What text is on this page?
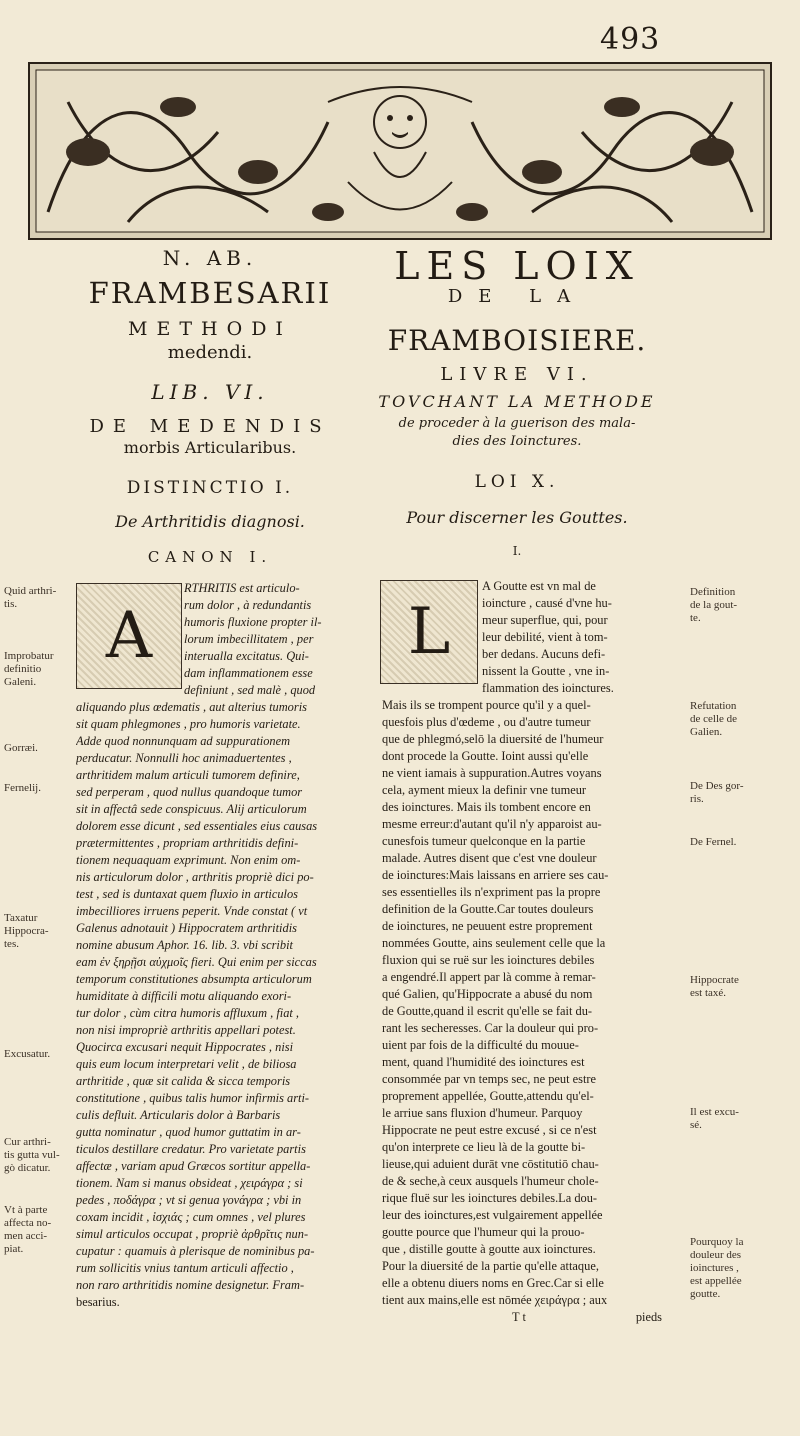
493
N. AB.
FRAMBESARII
METHODI
medendi.
LIB. VI.
DE MEDENDIS
morbis Articularibus.
DISTINCTIO I.
De Arthritidis diagnosi.
CANON I.
LES LOIX
DE LA
FRAMBOISIERE.
LIVRE VI.
TOVCHANT LA METHODE
de proceder à la guerison des mala-
dies des Ioinctures.
LOI X.
Pour discerner les Gouttes.
I.
A	L
RTHRITIS est articulo-
rum dolor , à redundantis
humoris fluxione propter il-
lorum imbecillitatem , per
interualla excitatus. Qui-
dam inflammationem esse
definiunt , sed malè , quod
aliquando plus œdematis , aut alterius tumoris
sit quam phlegmones , pro humoris varietate.
Adde quod nonnunquam ad suppurationem
perducatur. Nonnulli hoc animaduertentes ,
arthritidem malum articuli tumorem definire,
sed perperam , quod nullus quandoque tumor
sit in affectâ sede conspicuus. Alij articulorum
dolorem esse dicunt , sed essentiales eius causas
prætermittentes , propriam arthritidis defini-
tionem nequaquam exprimunt. Non enim om-
nis articulorum dolor , arthritis propriè dici po-
test , sed is duntaxat quem fluxio in articulos
imbecilliores irruens peperit. Vnde constat ( vt
Galenus adnotauit ) Hippocratem arthritidis
nomine abusum Aphor. 16. lib. 3. vbi scribit
eam ἐν ξηρῇσι αὐχμοῖς fieri. Qui enim per siccas
temporum constitutiones absumpta articulorum
humiditate à difficili motu aliquando exori-
tur dolor , cùm citra humoris affluxum , fiat ,
non nisi impropriè arthritis appellari potest.
Quocirca excusari nequit Hippocrates , nisi
quis eum locum interpretari velit , de biliosa
arthritide , quæ sit calida & sicca temporis
constitutione , quibus talis humor infirmis arti-
culis defluit. Articularis dolor à Barbaris
gutta nominatur , quod humor guttatim in ar-
ticulos destillare credatur. Pro varietate partis
affectæ , variam apud Græcos sortitur appella-
tionem. Nam si manus obsideat , χειράγρα ; si
pedes , ποδάγρα ; vt si genua γονάγρα ; vbi in
coxam incidit , ἰσχιάς ; cum omnes , vel plures
simul articulos occupat , propriè ἀρθρῖτις nun-
cupatur : quamuis à plerisque de nominibus pa-
rum sollicitis vnius tantum articuli affectio ,
non raro arthritidis nomine designetur. Fram-
besarius.
Quid arthri-
tis.
Improbatur
definitio
Galeni.
Gorræi.
Fernelij.
Taxatur
Hippocra-
tes.
Excusatur.
Cur arthri-
tis gutta vul-
gò dicatur.
Vt à parte
affecta no-
men acci-
piat.
A Goutte est vn mal de
ioincture , causé d'vne hu-
meur superflue, qui, pour
leur debilité, vient à tom-
ber dedans. Aucuns defi-
nissent la Goutte , vne in-
flammation des ioinctures.
Mais ils se trompent pource qu'il y a quel-
quesfois plus d'œdeme , ou d'autre tumeur
que de phlegmó,selō la diuersité de l'humeur
dont procede la Goutte. Ioint aussi qu'elle
ne vient iamais à suppuration.Autres voyans
cela, ayment mieux la definir vne tumeur
des ioinctures. Mais ils tombent encore en
mesme erreur:d'autant qu'il n'y apparoist au-
cunesfois tumeur quelconque en la partie
malade. Autres disent que c'est vne douleur
de ioinctures:Mais laissans en arriere ses cau-
ses essentielles ils n'expriment pas la propre
definition de la Goutte.Car toutes douleurs
de ioinctures, ne peuuent estre proprement
nommées Goutte, ains seulement celle que la
fluxion qui se ruë sur les ioinctures debiles
a engendré.Il appert par là comme à remar-
qué Galien, qu'Hippocrate a abusé du nom
de Goutte,quand il escrit qu'elle se fait du-
rant les secheresses. Car la douleur qui pro-
uient par fois de la difficulté du mouue-
ment, quand l'humidité des ioinctures est
consommée par vn temps sec, ne peut estre
proprement appellée, Goutte,attendu qu'el-
le arriue sans fluxion d'humeur. Parquoy
Hippocrate ne peut estre excusé , si ce n'est
qu'on interprete ce lieu là de la goutte bi-
lieuse,qui aduient durāt vne cōstitutiō chau-
de & seche,à ceux ausquels l'humeur chole-
rique fluë sur les ioinctures debiles.La dou-
leur des ioinctures,est vulgairement appellée
goutte pource que l'humeur qui la prouo-
que , distille goutte à goutte aux ioinctures.
Pour la diuersité de la partie qu'elle attaque,
elle a obtenu diuers noms en Grec.Car si elle
tient aux mains,elle est nōmée χειράγρα ; aux
T t	pieds
Definition
de la gout-
te.
Refutation
de celle de
Galien.
De Des gor-
ris.
De Fernel.
Hippocrate
est taxé.
Il est excu-
sé.
Pourquoy la
douleur des
ioinctures ,
est appellée
goutte.
